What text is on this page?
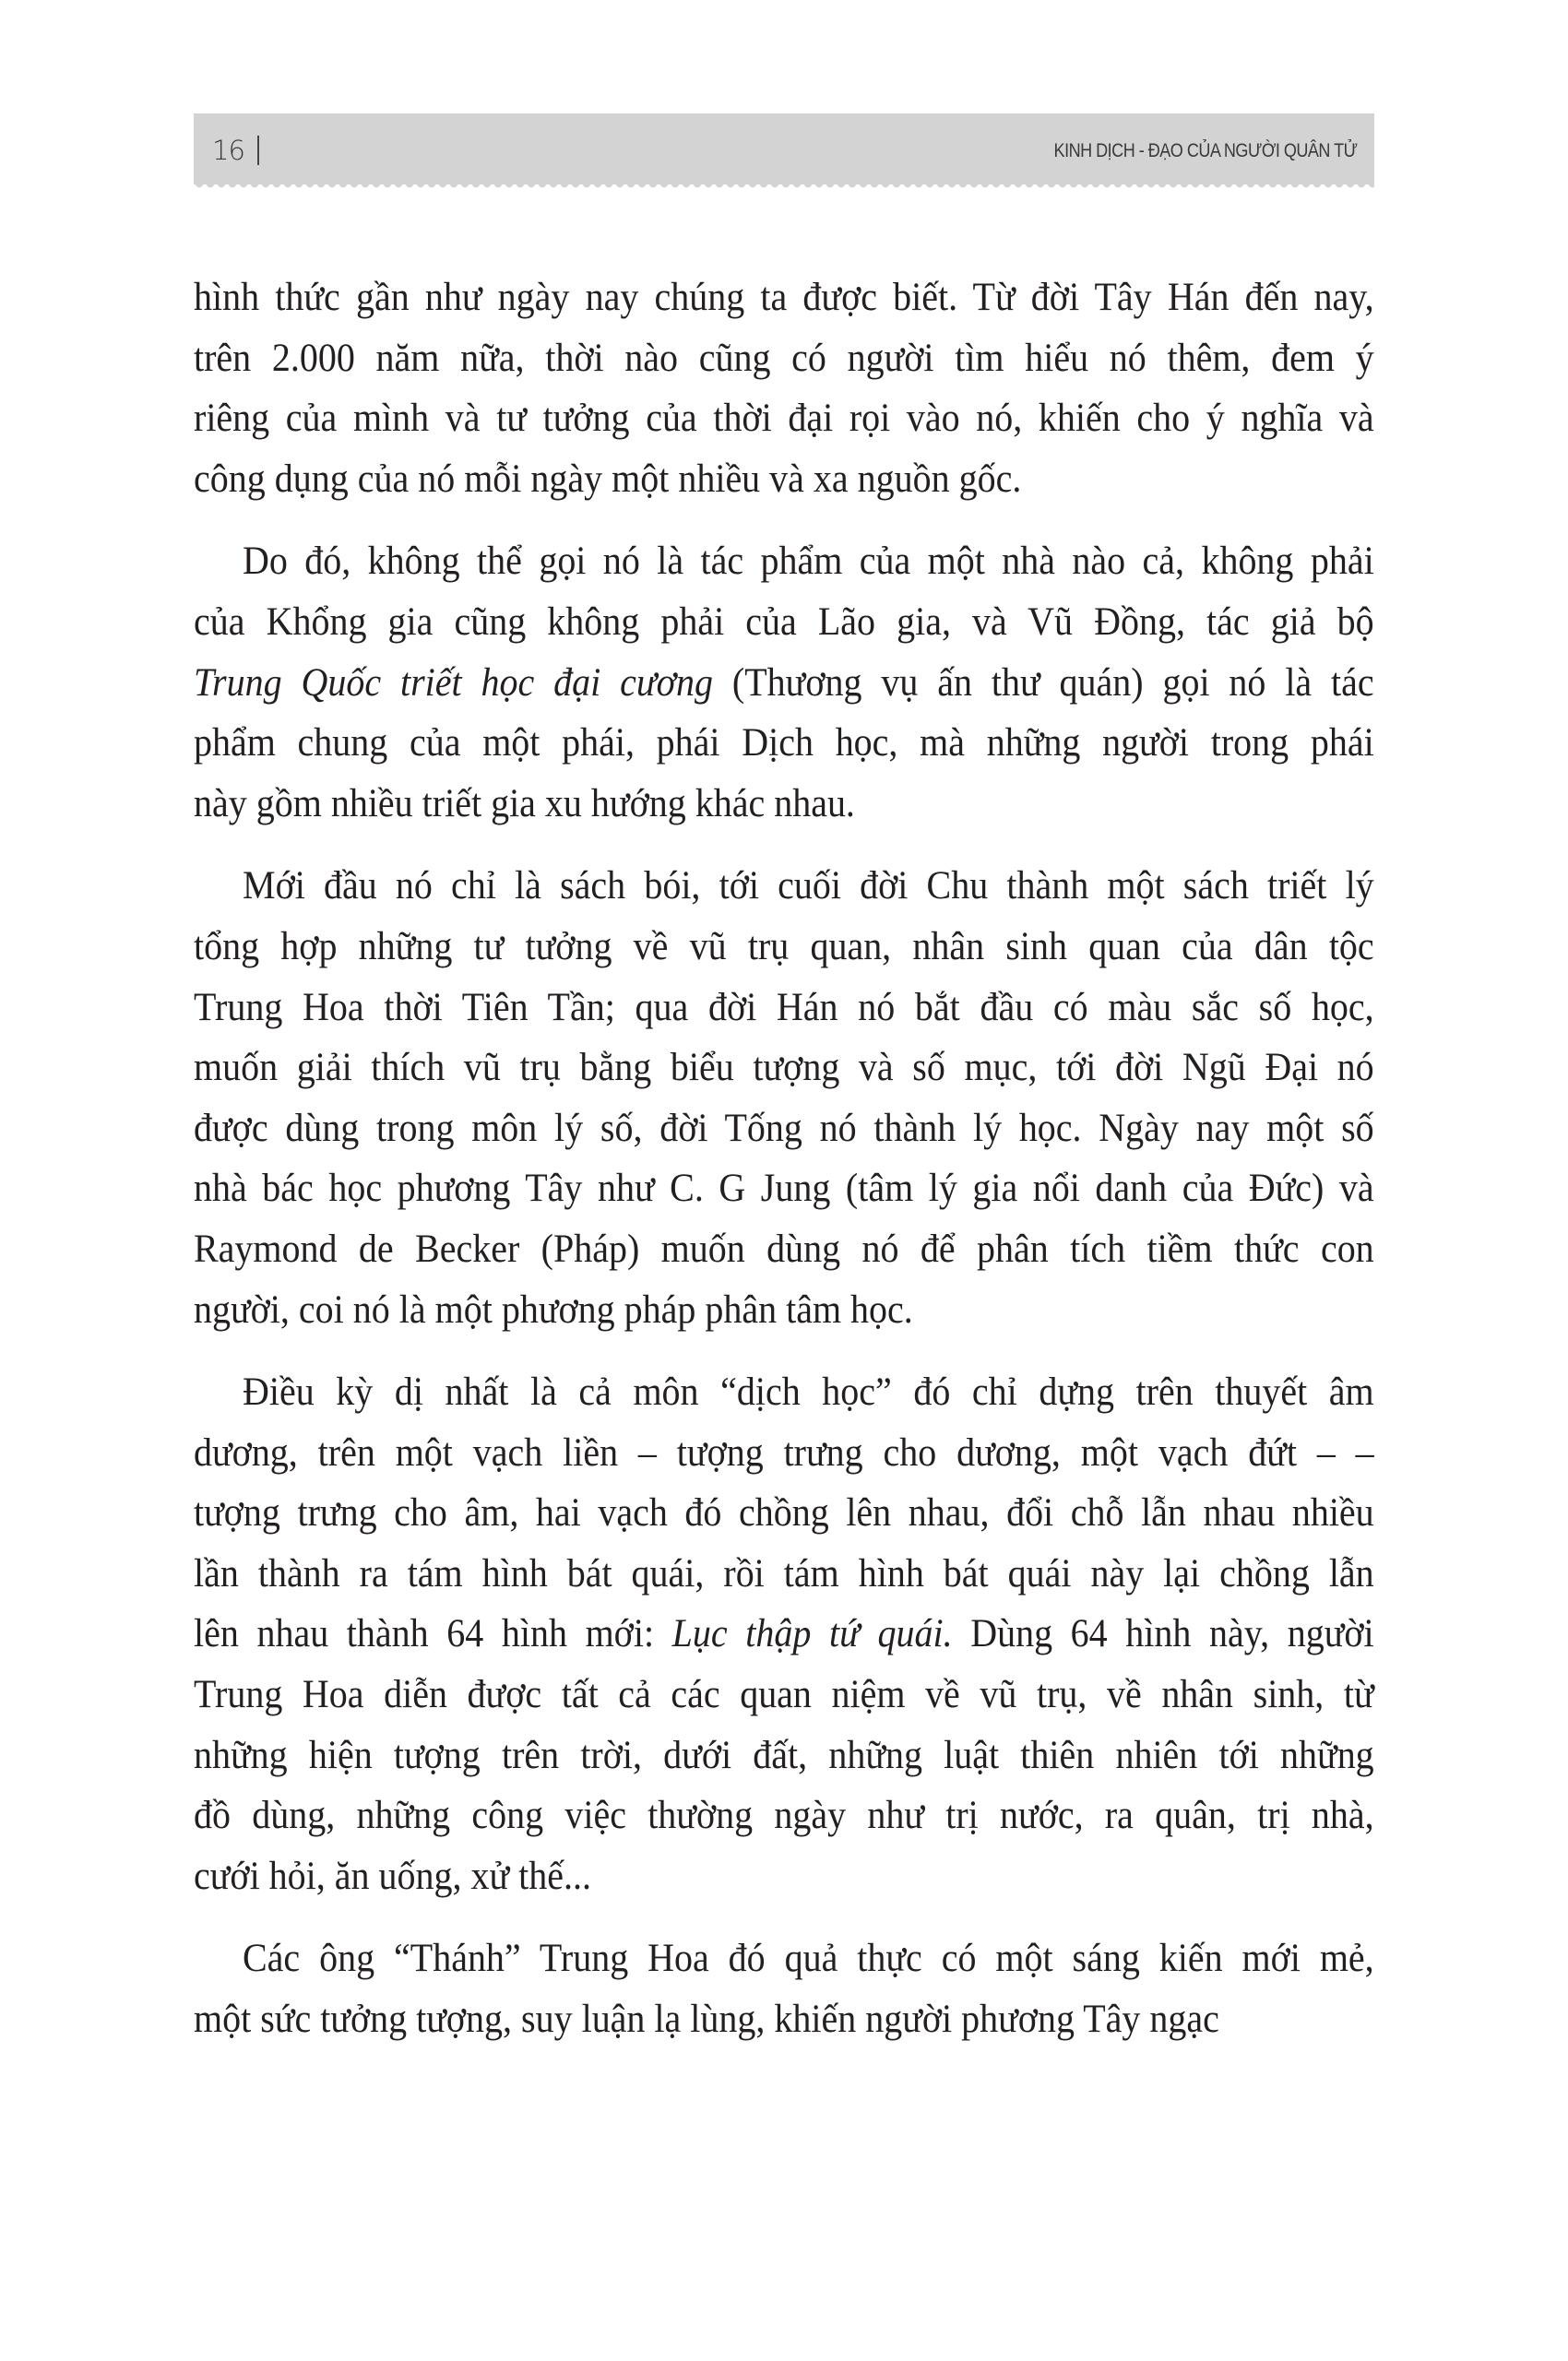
16	KINH DỊCH - ĐẠO CỦA NGƯỜI QUÂN TỬ
hình thức gần như ngày nay chúng ta được biết. Từ đời Tây Hán đến nay,
trên 2.000 năm nữa, thời nào cũng có người tìm hiểu nó thêm, đem ý
riêng của mình và tư tưởng của thời đại rọi vào nó, khiến cho ý nghĩa và
công dụng của nó mỗi ngày một nhiều và xa nguồn gốc.
Do đó, không thể gọi nó là tác phẩm của một nhà nào cả, không phải
của Khổng gia cũng không phải của Lão gia, và Vũ Đồng, tác giả bộ
Trung Quốc triết học đại cương (Thương vụ ấn thư quán) gọi nó là tác
phẩm chung của một phái, phái Dịch học, mà những người trong phái
này gồm nhiều triết gia xu hướng khác nhau.
Mới đầu nó chỉ là sách bói, tới cuối đời Chu thành một sách triết lý
tổng hợp những tư tưởng về vũ trụ quan, nhân sinh quan của dân tộc
Trung Hoa thời Tiên Tần; qua đời Hán nó bắt đầu có màu sắc số học,
muốn giải thích vũ trụ bằng biểu tượng và số mục, tới đời Ngũ Đại nó
được dùng trong môn lý số, đời Tống nó thành lý học. Ngày nay một số
nhà bác học phương Tây như C. G Jung (tâm lý gia nổi danh của Đức) và
Raymond de Becker (Pháp) muốn dùng nó để phân tích tiềm thức con
người, coi nó là một phương pháp phân tâm học.
Điều kỳ dị nhất là cả môn “dịch học” đó chỉ dựng trên thuyết âm
dương, trên một vạch liền – tượng trưng cho dương, một vạch đứt – –
tượng trưng cho âm, hai vạch đó chồng lên nhau, đổi chỗ lẫn nhau nhiều
lần thành ra tám hình bát quái, rồi tám hình bát quái này lại chồng lẫn
lên nhau thành 64 hình mới: Lục thập tứ quái. Dùng 64 hình này, người
Trung Hoa diễn được tất cả các quan niệm về vũ trụ, về nhân sinh, từ
những hiện tượng trên trời, dưới đất, những luật thiên nhiên tới những
đồ dùng, những công việc thường ngày như trị nước, ra quân, trị nhà,
cưới hỏi, ăn uống, xử thế...
Các ông “Thánh” Trung Hoa đó quả thực có một sáng kiến mới mẻ,
một sức tưởng tượng, suy luận lạ lùng, khiến người phương Tây ngạc
